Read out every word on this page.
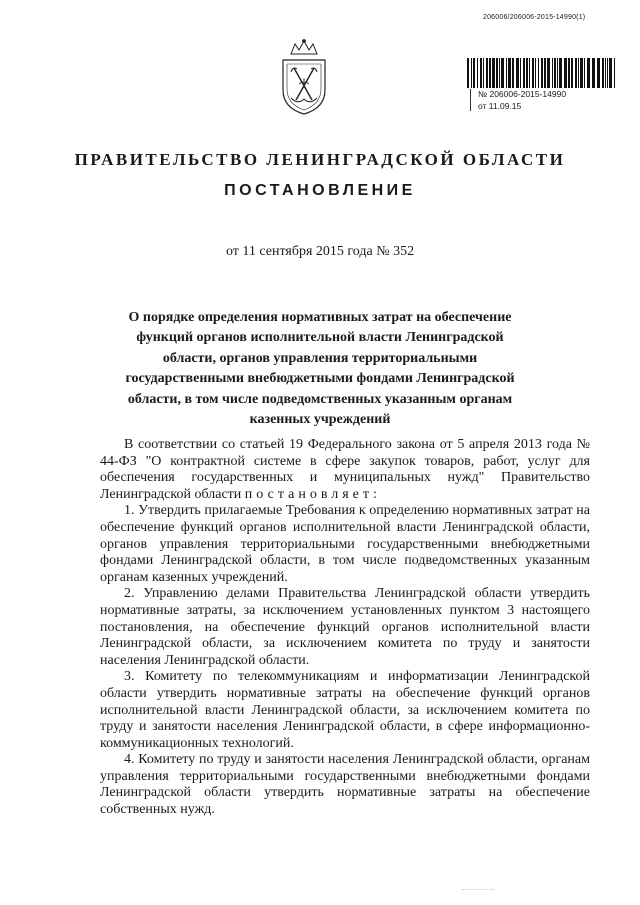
206006/206006-2015-14990(1)
№ 206006-2015-14990
от 11.09.15
ПРАВИТЕЛЬСТВО ЛЕНИНГРАДСКОЙ ОБЛАСТИ
ПОСТАНОВЛЕНИЕ
от 11 сентября 2015 года № 352
О порядке определения нормативных затрат на обеспечение функций органов исполнительной власти Ленинградской области, органов управления территориальными государственными внебюджетными фондами Ленинградской области, в том числе подведомственных указанным органам казенных учреждений

В соответствии со статьей 19 Федерального закона от 5 апреля 2013 года № 44-ФЗ "О контрактной системе в сфере закупок товаров, работ, услуг для обеспечения государственных и муниципальных нужд" Правительство Ленинградской области постановляет:

1. Утвердить прилагаемые Требования к определению нормативных затрат на обеспечение функций органов исполнительной власти Ленинградской области, органов управления территориальными государственными внебюджетными фондами Ленинградской области, в том числе подведомственных указанным органам казенных учреждений.

2. Управлению делами Правительства Ленинградской области утвердить нормативные затраты, за исключением установленных пунктом 3 настоящего постановления, на обеспечение функций органов исполнительной власти Ленинградской области, за исключением комитета по труду и занятости населения Ленинградской области.

3. Комитету по телекоммуникациям и информатизации Ленинградской области утвердить нормативные затраты на обеспечение функций органов исполнительной власти Ленинградской области, за исключением комитета по труду и занятости населения Ленинградской области, в сфере информационно-коммуникационных технологий.

4. Комитету по труду и занятости населения Ленинградской области, органам управления территориальными государственными внебюджетными фондами Ленинградской области утвердить нормативные затраты на обеспечение собственных нужд.
